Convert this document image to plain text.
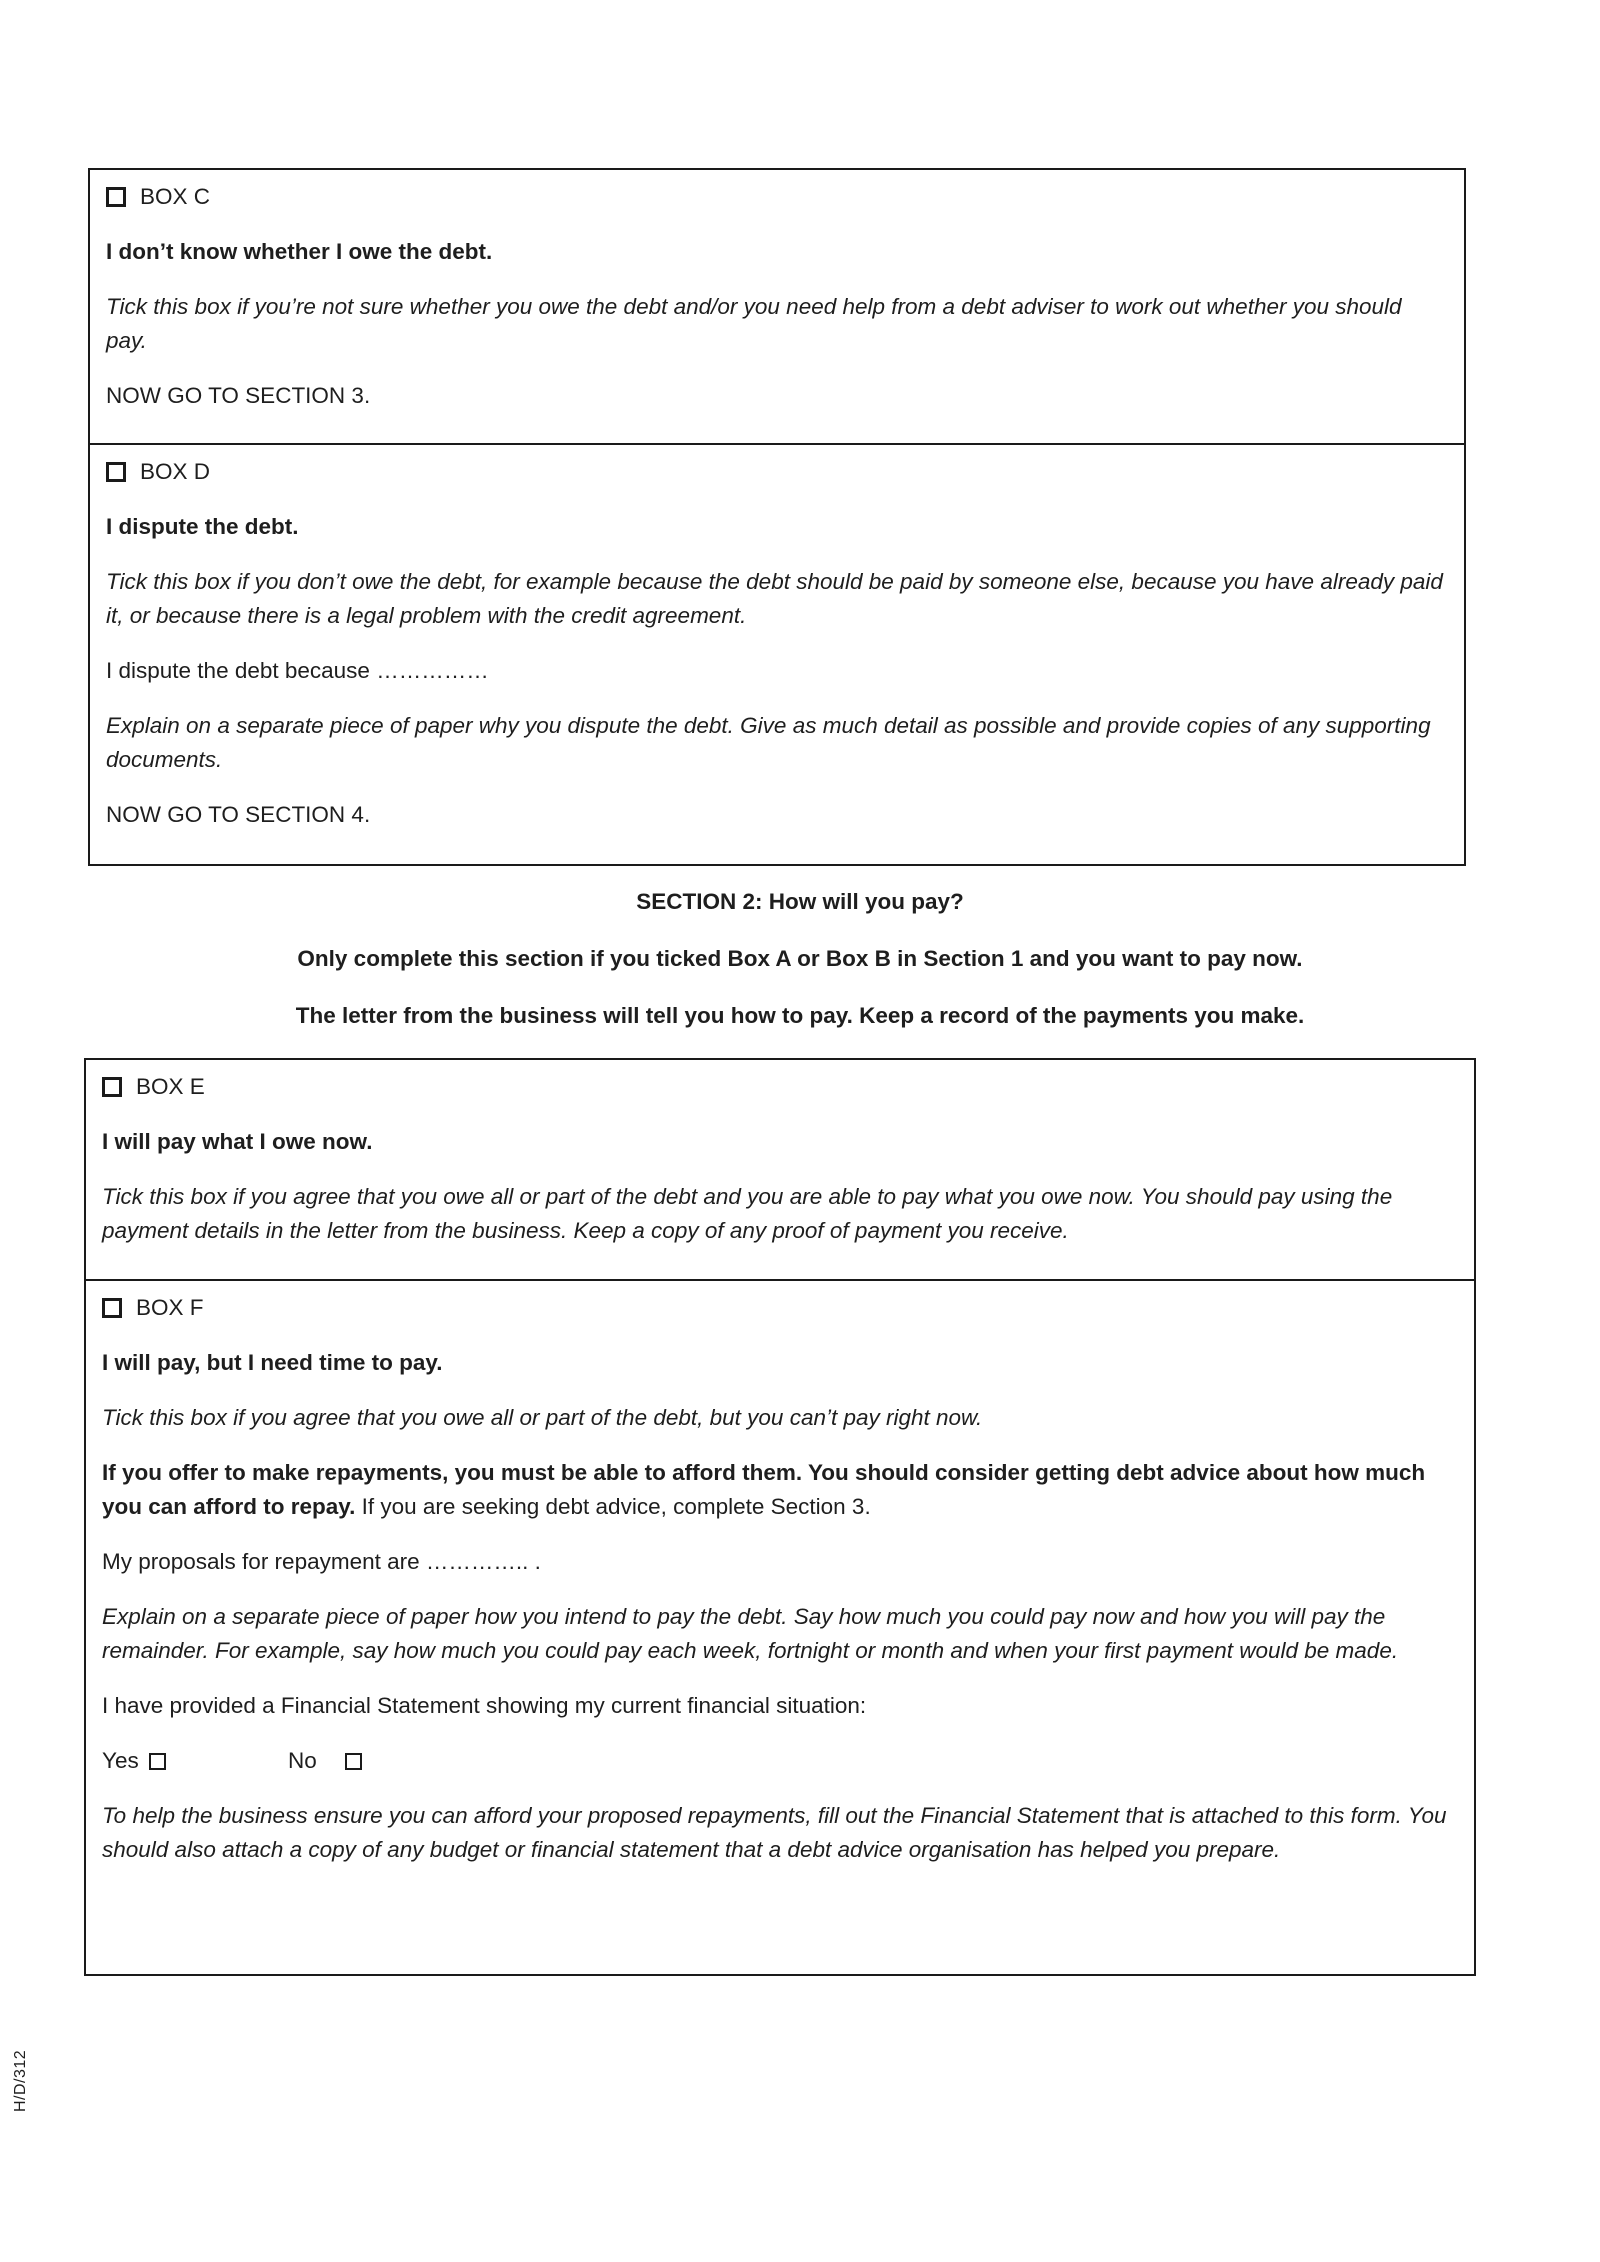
BOX C
I don’t know whether I owe the debt.
Tick this box if you’re not sure whether you owe the debt and/or you need help from a debt adviser to work out whether you should pay.
NOW GO TO SECTION 3.
BOX D
I dispute the debt.
Tick this box if you don’t owe the debt, for example because the debt should be paid by someone else, because you have already paid it, or because there is a legal problem with the credit agreement.
I dispute the debt because ……………
Explain on a separate piece of paper why you dispute the debt. Give as much detail as possible and provide copies of any supporting documents.
NOW GO TO SECTION 4.
SECTION 2: How will you pay?
Only complete this section if you ticked Box A or Box B in Section 1 and you want to pay now.
The letter from the business will tell you how to pay. Keep a record of the payments you make.
BOX E
I will pay what I owe now.
Tick this box if you agree that you owe all or part of the debt and you are able to pay what you owe now. You should pay using the payment details in the letter from the business. Keep a copy of any proof of payment you receive.
BOX F
I will pay, but I need time to pay.
Tick this box if you agree that you owe all or part of the debt, but you can’t pay right now.
If you offer to make repayments, you must be able to afford them. You should consider getting debt advice about how much you can afford to repay. If you are seeking debt advice, complete Section 3.
My proposals for repayment are ………….. .
Explain on a separate piece of paper how you intend to pay the debt. Say how much you could pay now and how you will pay the remainder. For example, say how much you could pay each week, fortnight or month and when your first payment would be made.
I have provided a Financial Statement showing my current financial situation:
Yes	No
To help the business ensure you can afford your proposed repayments, fill out the Financial Statement that is attached to this form. You should also attach a copy of any budget or financial statement that a debt advice organisation has helped you prepare.
H/D/312
